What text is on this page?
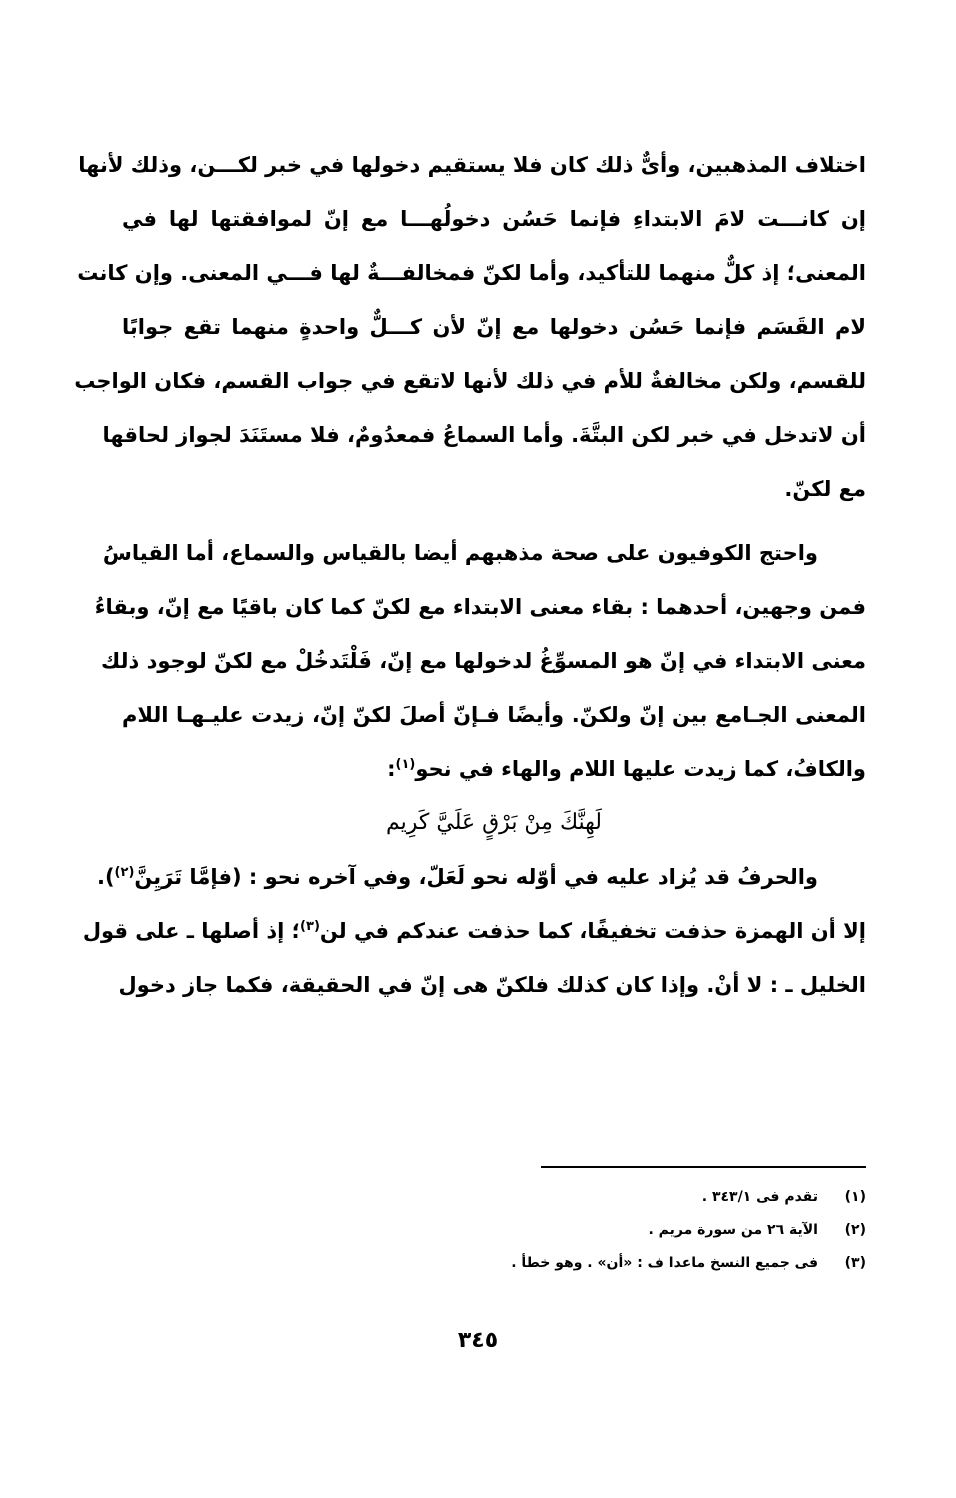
اختلاف المذهبين، وأىٌّ ذلك كان فلا يستقيم دخولها في خبر لكـــن، وذلك لأنها
إن كانـــت لامَ الابتداءِ فإنما حَسُن دخولُهـــا مع إنّ لموافقتها لها في
المعنى؛ إذ كلٌّ منهما للتأكيد، وأما لكنّ فمخالفـــةٌ لها فـــي المعنى. وإن كانت
لام القَسَم فإنما حَسُن دخولها مع إنّ لأن كـــلٌّ واحدةٍ منهما تقع جوابًا
للقسم، ولكن مخالفةٌ للأم في ذلك لأنها لاتقع في جواب القسم، فكان الواجب
أن لاتدخل في خبر لكن البتَّةَ. وأما السماعُ فمعدُومٌ، فلا مستَنَدَ لجواز لحاقها
مع لكنّ.
واحتج الكوفيون على صحة مذهبهم أيضا بالقياس والسماع، أما القياسُ
فمن وجهين، أحدهما : بقاء معنى الابتداء مع لكنّ كما كان باقيًا مع إنّ، وبقاءُ
معنى الابتداء في إنّ هو المسوِّغُ لدخولها مع إنّ، فَلْتَدخُلْ مع لكنّ لوجود ذلك
المعنى الجـامع بين إنّ ولكنّ. وأيضًا فـإنّ أصلَ لكنّ إنّ، زيدت عليـهـا اللام
والكافُ، كما زيدت عليها اللام والهاء في نحو$^{(١)}$:
لَهِنَّكَ مِنْ بَرْقٍ عَلَيَّ كَرِيم
والحرفُ قد يُزاد عليه في أوّله نحو لَعَلّ، وفي آخره نحو : (فإمَّا تَرَيِنَّ$^{(٢)}$).
إلا أن الهمزة حذفت تخفيفًا، كما حذفت عندكم في لن$^{(٣)}$؛ إذ أصلها ـ على قول
الخليل ـ : لا أنْ. وإذا كان كذلك فلكنّ هى إنّ في الحقيقة، فكما جاز دخول
(١)
تقدم فى ٣٤٣/١ .
(٢)
الآية ٢٦ من سورة مريم .
(٣)
فى جميع النسخ ماعدا ف : «أن» . وهو خطأ .
٣٤٥
